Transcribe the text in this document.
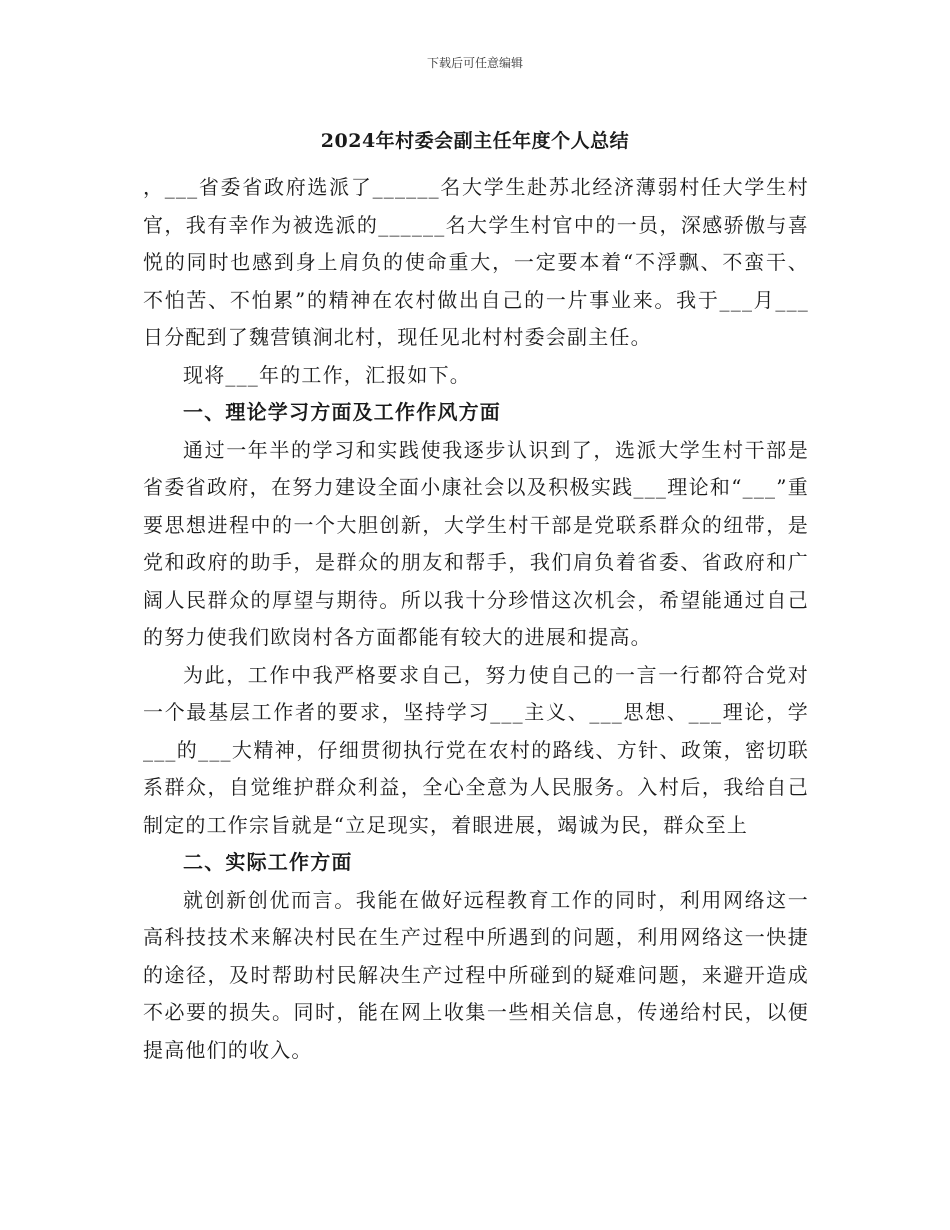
下载后可任意编辑
2024年村委会副主任年度个人总结

，___省委省政府选派了______名大学生赴苏北经济薄弱村任大学生村官，我有幸作为被选派的______名大学生村官中的一员，深感骄傲与喜悦的同时也感到身上肩负的使命重大，一定要本着“不浮飘、不蛮干、不怕苦、不怕累”的精神在农村做出自己的一片事业来。我于___月___日分配到了魏营镇涧北村，现任见北村村委会副主任。

现将___年的工作，汇报如下。

一、理论学习方面及工作作风方面

通过一年半的学习和实践使我逐步认识到了，选派大学生村干部是省委省政府，在努力建设全面小康社会以及积极实践___理论和“___”重要思想进程中的一个大胆创新，大学生村干部是党联系群众的纽带，是党和政府的助手，是群众的朋友和帮手，我们肩负着省委、省政府和广阔人民群众的厚望与期待。所以我十分珍惜这次机会，希望能通过自己的努力使我们欧岗村各方面都能有较大的进展和提高。

为此，工作中我严格要求自己，努力使自己的一言一行都符合党对一个最基层工作者的要求，坚持学习___主义、___思想、___理论，学___的___大精神，仔细贯彻执行党在农村的路线、方针、政策，密切联系群众，自觉维护群众利益，全心全意为人民服务。入村后，我给自己制定的工作宗旨就是“立足现实，着眼进展，竭诚为民，群众至上

二、实际工作方面

就创新创优而言。我能在做好远程教育工作的同时，利用网络这一高科技技术来解决村民在生产过程中所遇到的问题，利用网络这一快捷的途径，及时帮助村民解决生产过程中所碰到的疑难问题，来避开造成不必要的损失。同时，能在网上收集一些相关信息，传递给村民，以便提高他们的收入。
